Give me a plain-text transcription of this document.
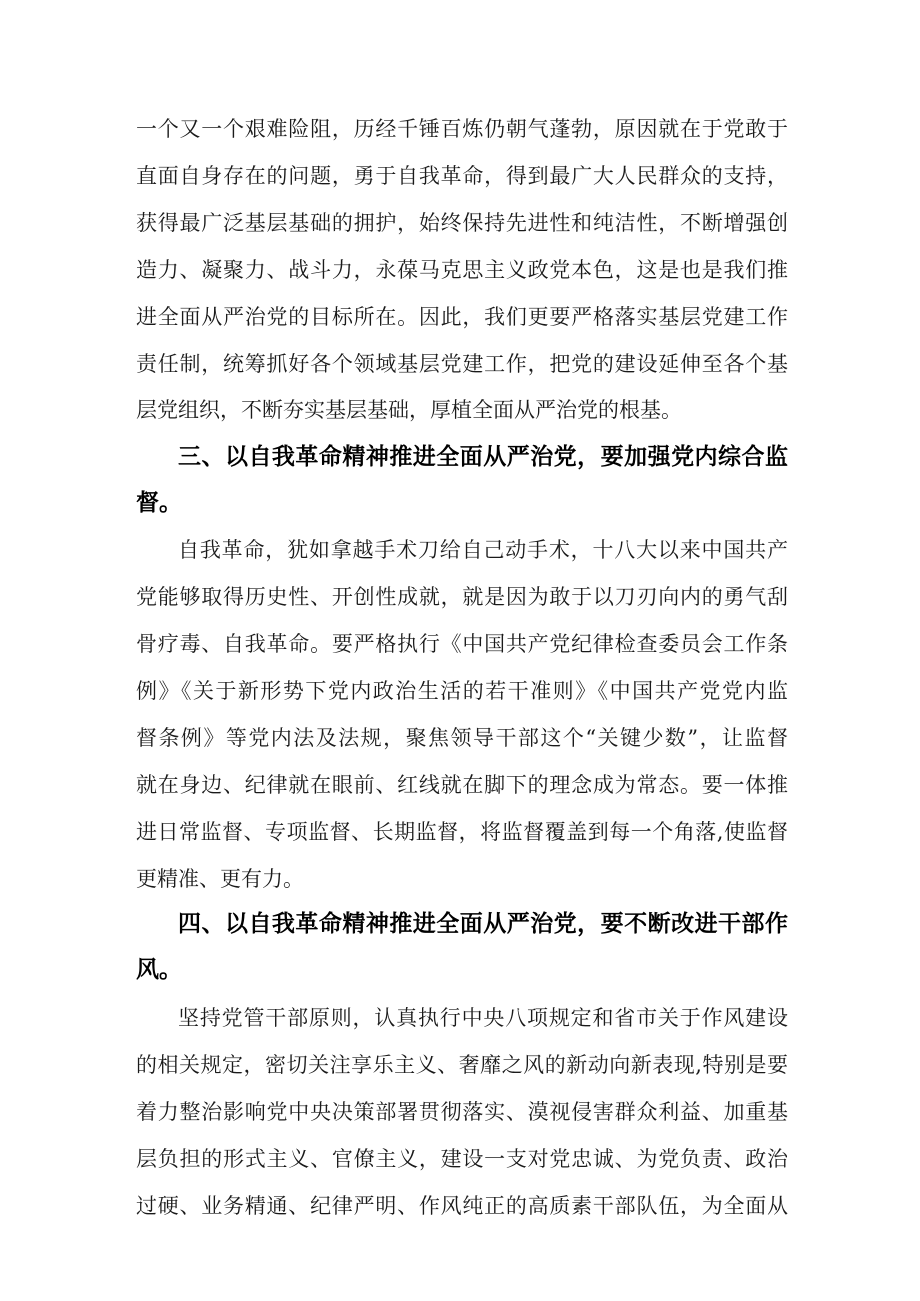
一个又一个艰难险阻，历经千锤百炼仍朝气蓬勃，原因就在于党敢于
直面自身存在的问题，勇于自我革命，得到最广大人民群众的支持，
获得最广泛基层基础的拥护，始终保持先进性和纯洁性，不断增强创
造力、凝聚力、战斗力，永葆马克思主义政党本色，这是也是我们推
进全面从严治党的目标所在。因此，我们更要严格落实基层党建工作
责任制，统筹抓好各个领域基层党建工作，把党的建设延伸至各个基
层党组织，不断夯实基层基础，厚植全面从严治党的根基。
三、以自我革命精神推进全面从严治党，要加强党内综合监
督。
自我革命，犹如拿越手术刀给自己动手术，十八大以来中国共产
党能够取得历史性、开创性成就，就是因为敢于以刀刃向内的勇气刮
骨疗毒、自我革命。要严格执行《中国共产党纪律检查委员会工作条
例》《关于新形势下党内政治生活的若干准则》《中国共产党党内监
督条例》等党内法及法规，聚焦领导干部这个“关键少数”，让监督
就在身边、纪律就在眼前、红线就在脚下的理念成为常态。要一体推
进日常监督、专项监督、长期监督，将监督覆盖到每一个角落,使监督
更精准、更有力。
四、以自我革命精神推进全面从严治党，要不断改进干部作
风。
坚持党管干部原则，认真执行中央八项规定和省市关于作风建设
的相关规定，密切关注享乐主义、奢靡之风的新动向新表现,特别是要
着力整治影响党中央决策部署贯彻落实、漠视侵害群众利益、加重基
层负担的形式主义、官僚主义，建设一支对党忠诚、为党负责、政治
过硬、业务精通、纪律严明、作风纯正的高质素干部队伍，为全面从
